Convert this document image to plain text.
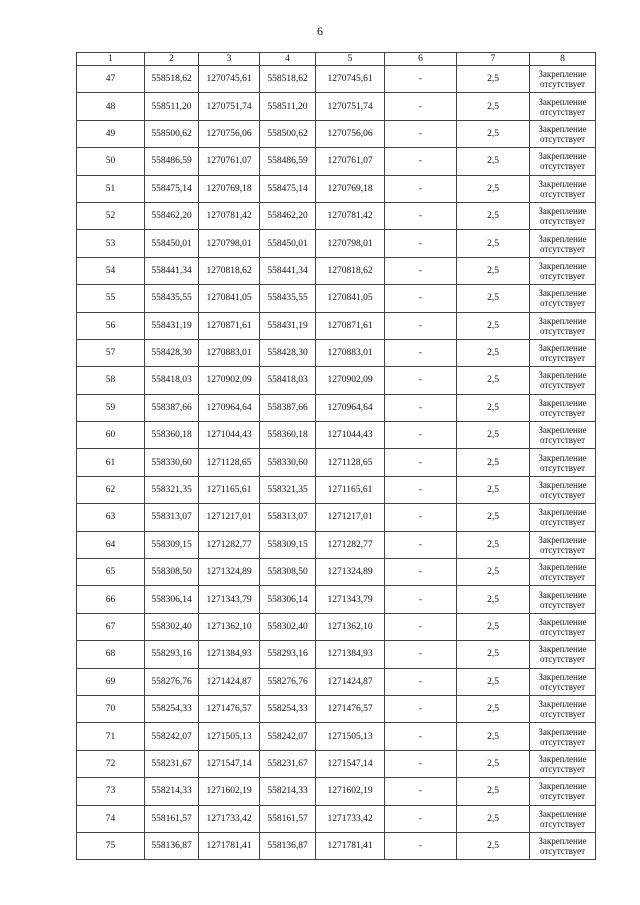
6
1	2	3	4	5	6	7	8
47	558518,62	1270745,61	558518,62	1270745,61	-	2,5	Закрепление отсутствует
48	558511,20	1270751,74	558511,20	1270751,74	-	2,5	Закрепление отсутствует
49	558500,62	1270756,06	558500,62	1270756,06	-	2,5	Закрепление отсутствует
50	558486,59	1270761,07	558486,59	1270761,07	-	2,5	Закрепление отсутствует
51	558475,14	1270769,18	558475,14	1270769,18	-	2,5	Закрепление отсутствует
52	558462,20	1270781,42	558462,20	1270781,42	-	2,5	Закрепление отсутствует
53	558450,01	1270798,01	558450,01	1270798,01	-	2,5	Закрепление отсутствует
54	558441,34	1270818,62	558441,34	1270818,62	-	2,5	Закрепление отсутствует
55	558435,55	1270841,05	558435,55	1270841,05	-	2,5	Закрепление отсутствует
56	558431,19	1270871,61	558431,19	1270871,61	-	2,5	Закрепление отсутствует
57	558428,30	1270883,01	558428,30	1270883,01	-	2,5	Закрепление отсутствует
58	558418,03	1270902,09	558418,03	1270902,09	-	2,5	Закрепление отсутствует
59	558387,66	1270964,64	558387,66	1270964,64	-	2,5	Закрепление отсутствует
60	558360,18	1271044,43	558360,18	1271044,43	-	2,5	Закрепление отсутствует
61	558330,60	1271128,65	558330,60	1271128,65	-	2,5	Закрепление отсутствует
62	558321,35	1271165,61	558321,35	1271165,61	-	2,5	Закрепление отсутствует
63	558313,07	1271217,01	558313,07	1271217,01	-	2,5	Закрепление отсутствует
64	558309,15	1271282,77	558309,15	1271282,77	-	2,5	Закрепление отсутствует
65	558308,50	1271324,89	558308,50	1271324,89	-	2,5	Закрепление отсутствует
66	558306,14	1271343,79	558306,14	1271343,79	-	2,5	Закрепление отсутствует
67	558302,40	1271362,10	558302,40	1271362,10	-	2,5	Закрепление отсутствует
68	558293,16	1271384,93	558293,16	1271384,93	-	2,5	Закрепление отсутствует
69	558276,76	1271424,87	558276,76	1271424,87	-	2,5	Закрепление отсутствует
70	558254,33	1271476,57	558254,33	1271476,57	-	2,5	Закрепление отсутствует
71	558242,07	1271505,13	558242,07	1271505,13	-	2,5	Закрепление отсутствует
72	558231,67	1271547,14	558231,67	1271547,14	-	2,5	Закрепление отсутствует
73	558214,33	1271602,19	558214,33	1271602,19	-	2,5	Закрепление отсутствует
74	558161,57	1271733,42	558161,57	1271733,42	-	2,5	Закрепление отсутствует
75	558136,87	1271781,41	558136,87	1271781,41	-	2,5	Закрепление отсутствует
